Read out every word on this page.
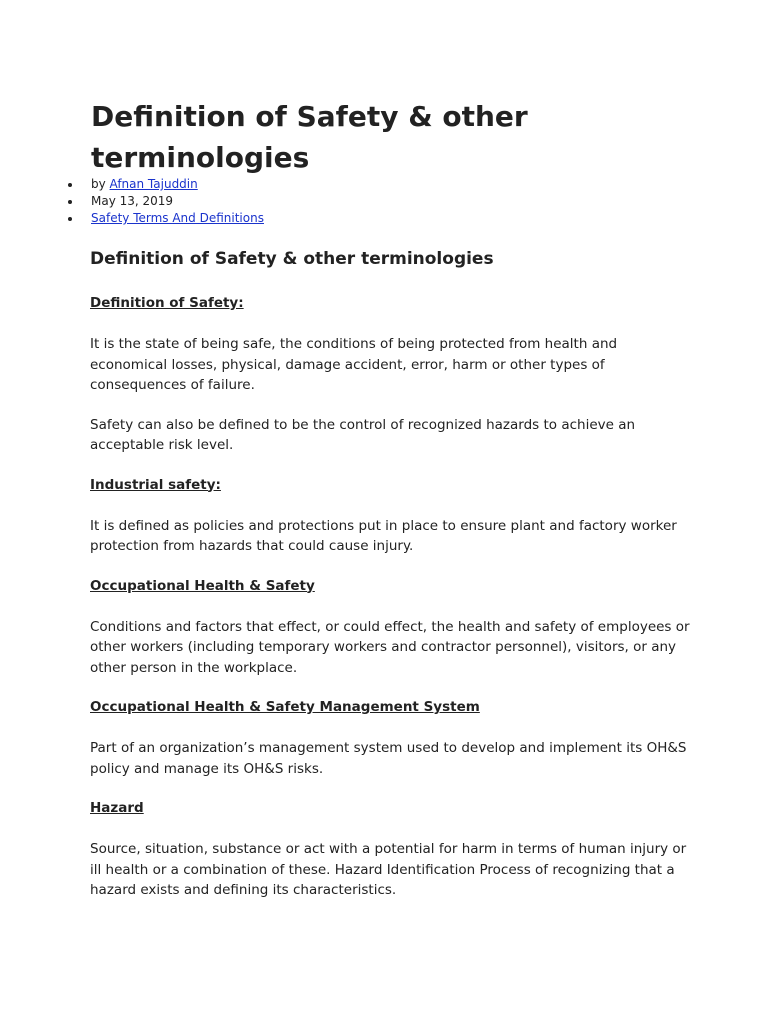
Definition of Safety & other terminologies
by Afnan Tajuddin
May 13, 2019
Safety Terms And Definitions
Definition of Safety & other terminologies
Definition of Safety:

It is the state of being safe, the conditions of being protected from health and economical losses, physical, damage accident, error, harm or other types of consequences of failure.

Safety can also be defined to be the control of recognized hazards to achieve an acceptable risk level.

Industrial safety:

It is defined as policies and protections put in place to ensure plant and factory worker protection from hazards that could cause injury.

Occupational Health & Safety

Conditions and factors that effect, or could effect, the health and safety of employees or other workers (including temporary workers and contractor personnel), visitors, or any other person in the workplace.

Occupational Health & Safety Management System

Part of an organization’s management system used to develop and implement its OH&S policy and manage its OH&S risks.

Hazard

Source, situation, substance or act with a potential for harm in terms of human injury or ill health or a combination of these. Hazard Identification Process of recognizing that a hazard exists and defining its characteristics.
